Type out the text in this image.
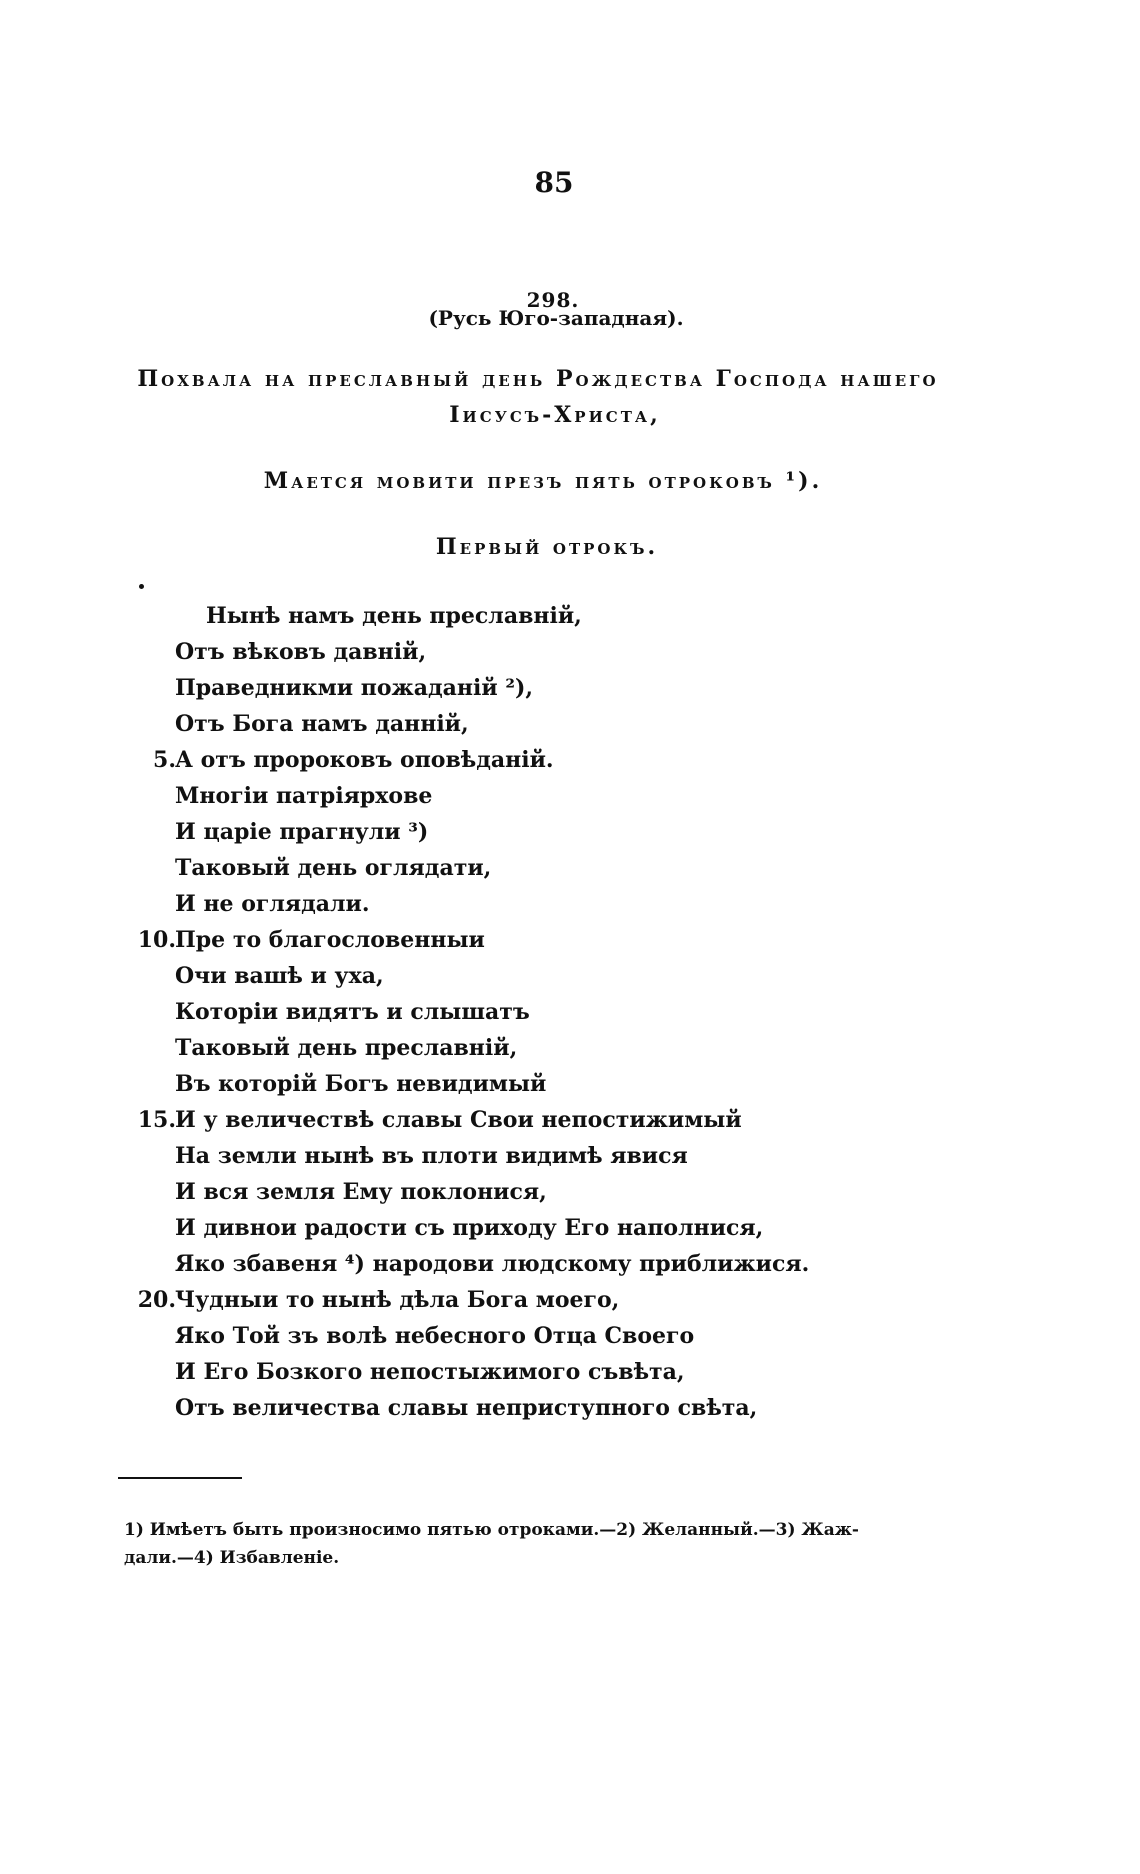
85
298.
(Русь Юго-западная).
Похвала на преславный день Рождества Господа нашего
Iисусъ-Христа,
Мается мовити презъ пять отроковъ ¹).
Первый отрокъ.
Нынѣ намъ день преславній,
Отъ вѣковъ давній,
Праведникми пожаданій ²),
Отъ Бога намъ данній,
5. А отъ пророковъ оповѣданій.
Многіи патріярхове
И царіе прагнули ³)
Таковый день оглядати,
И не оглядали.
10. Пре то благословенныи
Очи вашѣ и уха,
Которіи видятъ и слышатъ
Таковый день преславній,
Въ которій Богъ невидимый
15. И у величествѣ славы Свои непостижимый
На земли нынѣ въ плоти видимѣ явися
И вся земля Ему поклонися,
И дивнои радости съ приходу Его наполнися,
Яко збавеня ⁴) народови людскому приближися.
20. Чудныи то нынѣ дѣла Бога моего,
Яко Той зъ волѣ небесного Отца Своего
И Его Бозкого непостыжимого съвѣта,
Отъ величества славы неприступного свѣта,
1) Имѣетъ быть произносимо пятью отроками.—2) Желанный.—3) Жаж-
дали.—4) Избавленіе.
